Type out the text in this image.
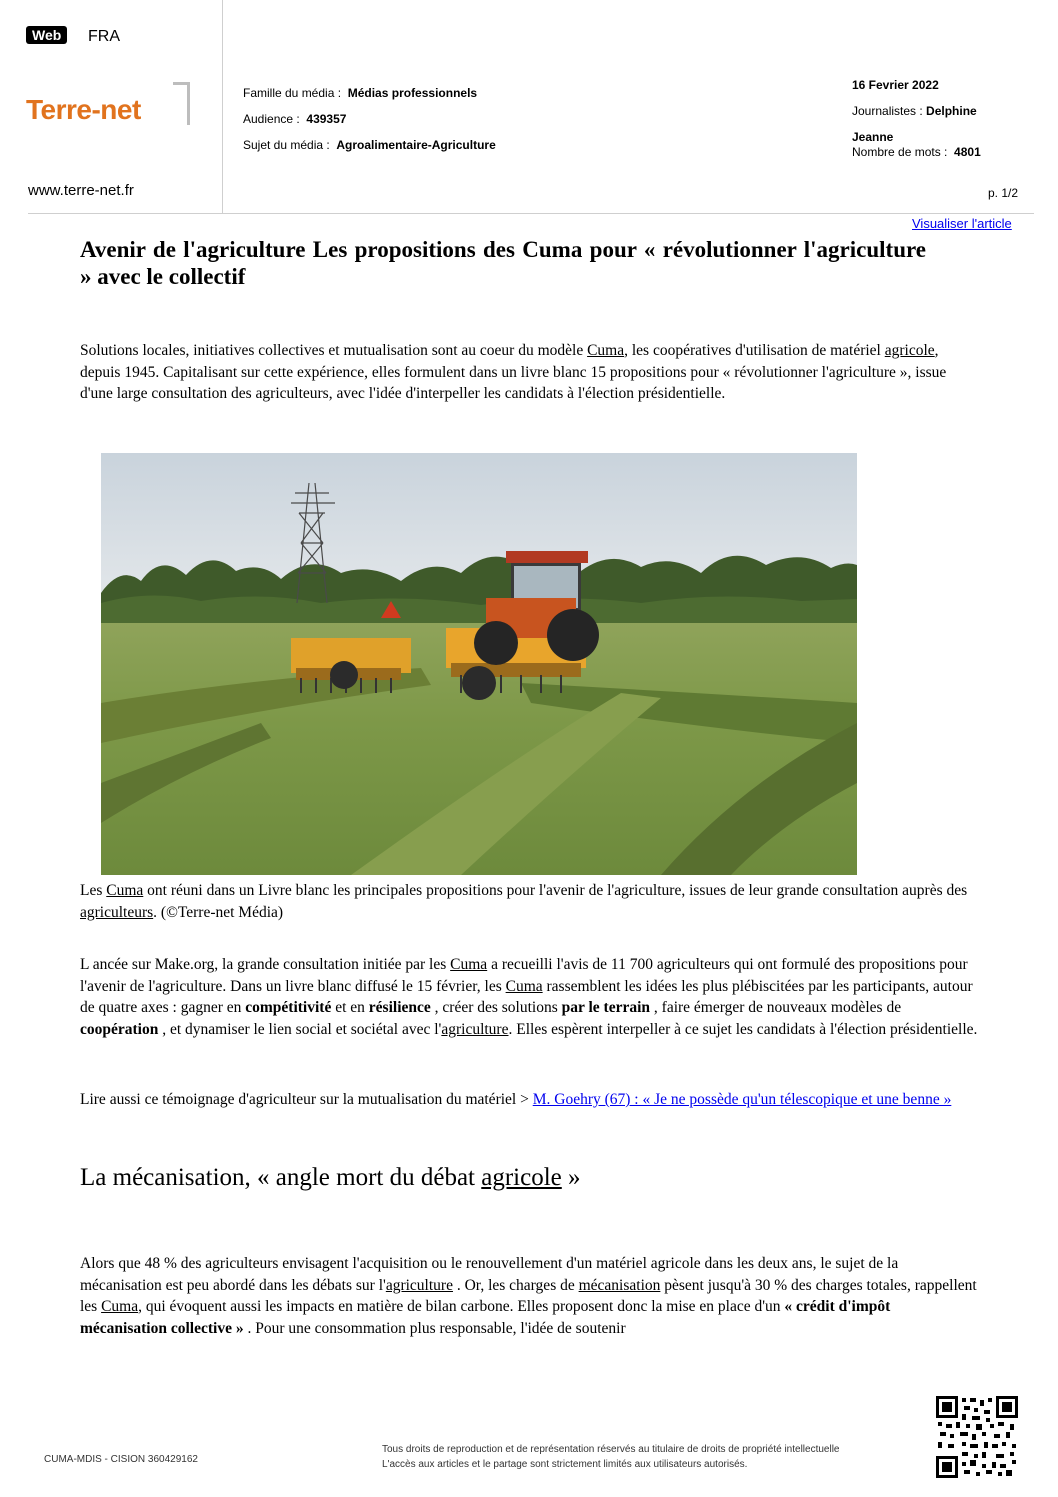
Web	FRA
Terre-net
www.terre-net.fr
Famille du média : Médias professionnels
Audience : 439357
Sujet du média : Agroalimentaire-Agriculture
16 Fevrier 2022
Journalistes : Delphine
Jeanne
Nombre de mots : 4801
p. 1/2
Visualiser l'article
Avenir de l'agriculture Les propositions des Cuma pour « révolutionner l'agriculture » avec le collectif
Solutions locales, initiatives collectives et mutualisation sont au coeur du modèle Cuma, les coopératives d'utilisation de matériel agricole, depuis 1945. Capitalisant sur cette expérience, elles formulent dans un livre blanc 15 propositions pour « révolutionner l'agriculture », issue d'une large consultation des agriculteurs, avec l'idée d'interpeller les candidats à l'élection présidentielle.
Les Cuma ont réuni dans un Livre blanc les principales propositions pour l'avenir de l'agriculture, issues de leur grande consultation auprès des agriculteurs. (©Terre-net Média)
L ancée sur Make.org, la grande consultation initiée par les Cuma a recueilli l'avis de 11 700 agriculteurs qui ont formulé des propositions pour l'avenir de l'agriculture. Dans un livre blanc diffusé le 15 février, les Cuma rassemblent les idées les plus plébiscitées par les participants, autour de quatre axes : gagner en compétitivité et en résilience , créer des solutions par le terrain , faire émerger de nouveaux modèles de coopération , et dynamiser le lien social et sociétal avec l'agriculture. Elles espèrent interpeller à ce sujet les candidats à l'élection présidentielle.
Lire aussi ce témoignage d'agriculteur sur la mutualisation du matériel > M. Goehry (67) : « Je ne possède qu'un télescopique et une benne »
La mécanisation, « angle mort du débat agricole »
Alors que 48 % des agriculteurs envisagent l'acquisition ou le renouvellement d'un matériel agricole dans les deux ans, le sujet de la mécanisation est peu abordé dans les débats sur l'agriculture . Or, les charges de mécanisation pèsent jusqu'à 30 % des charges totales, rappellent les Cuma, qui évoquent aussi les impacts en matière de bilan carbone. Elles proposent donc la mise en place d'un « crédit d'impôt mécanisation collective » . Pour une consommation plus responsable, l'idée de soutenir
CUMA-MDIS - CISION 360429162
Tous droits de reproduction et de représentation réservés au titulaire de droits de propriété intellectuelle
L'accès aux articles et le partage sont strictement limités aux utilisateurs autorisés.
